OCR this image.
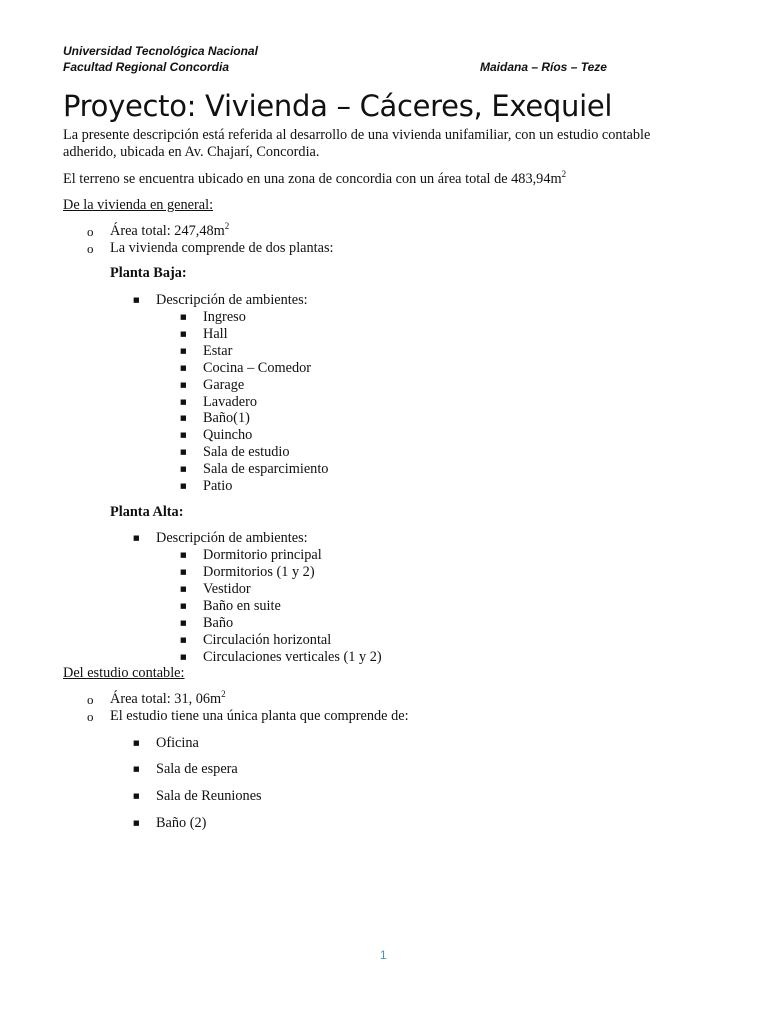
Universidad Tecnológica Nacional
Facultad Regional Concordia	Maidana – Ríos – Teze
Proyecto: Vivienda – Cáceres, Exequiel
La presente descripción está referida al desarrollo de una vivienda unifamiliar, con un estudio contable
adherido, ubicada en Av. Chajarí, Concordia.
El terreno se encuentra ubicado en una zona de concordia con un área total de $483,94m^2$
De la vivienda en general:
o Área total: $247,48m^2$
o La vivienda comprende de dos plantas:
Planta Baja:
■ Descripción de ambientes:
■ Ingreso
■ Hall
■ Estar
■ Cocina – Comedor
■ Garage
■ Lavadero
■ Baño(1)
■ Quincho
■ Sala de estudio
■ Sala de esparcimiento
■ Patio
Planta Alta:
■ Descripción de ambientes:
■ Dormitorio principal
■ Dormitorios (1 y 2)
■ Vestidor
■ Baño en suite
■ Baño
■ Circulación horizontal
■ Circulaciones verticales (1 y 2)
Del estudio contable:
o Área total: 31, $06m^2$
o El estudio tiene una única planta que comprende de:
■ Oficina
■ Sala de espera
■ Sala de Reuniones
■ Baño (2)
1
